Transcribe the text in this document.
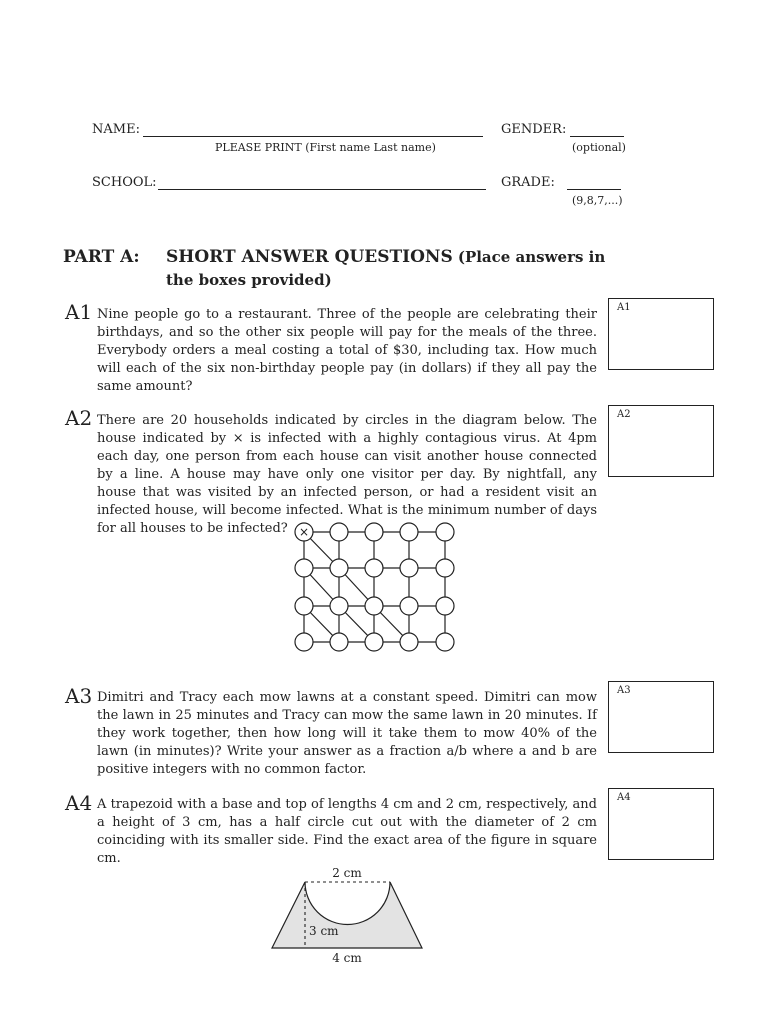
NAME:
PLEASE PRINT (First name Last name)
GENDER:
(optional)
SCHOOL:	GRADE:
(9,8,7,...)
PART A: SHORT ANSWER QUESTIONS (Place answers in
the boxes provided)
A1 Nine people go to a restaurant. Three of the people are celebrating their birthdays, and so the other six people will pay for the meals of the three. Everybody orders a meal costing a total of $30, including tax. How much will each of the six non-birthday people pay (in dollars) if they all pay the same amount?
A1
A2 There are 20 households indicated by circles in the diagram below. The house indicated by × is infected with a highly contagious virus. At 4pm each day, one person from each house can visit another house connected by a line. A house may have only one visitor per day. By nightfall, any house that was visited by an infected person, or had a resident visit an infected house, will become infected. What is the minimum number of days for all houses to be infected?
A2
×
A3 Dimitri and Tracy each mow lawns at a constant speed. Dimitri can mow the lawn in 25 minutes and Tracy can mow the same lawn in 20 minutes. If they work together, then how long will it take them to mow 40% of the lawn (in minutes)? Write your answer as a fraction a/b where a and b are positive integers with no common factor.
A3
A4 A trapezoid with a base and top of lengths 4 cm and 2 cm, respectively, and a height of 3 cm, has a half circle cut out with the diameter of 2 cm coinciding with its smaller side. Find the exact area of the figure in square cm.
A4
2 cm
3 cm
4 cm
